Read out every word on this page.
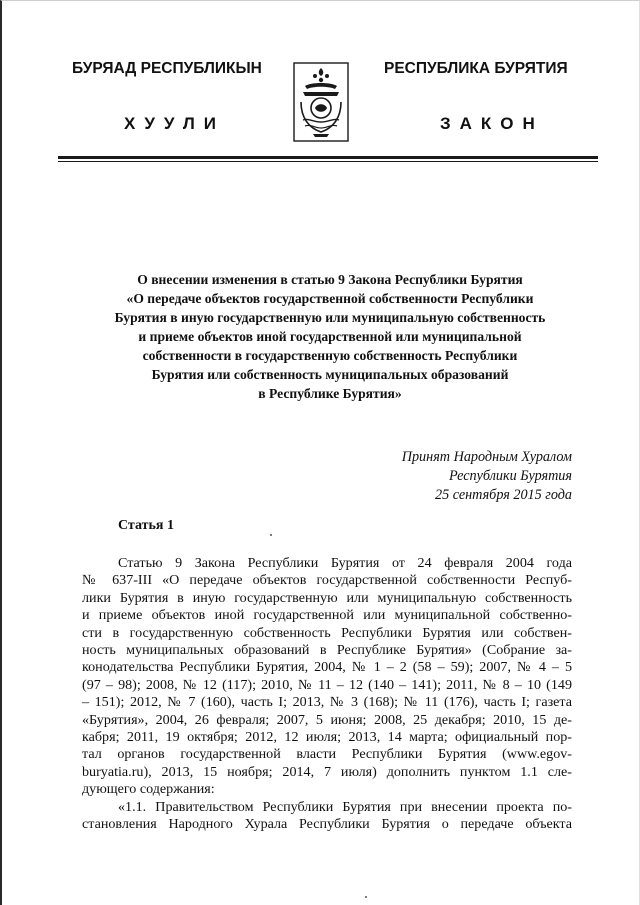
БУРЯАД РЕСПУБЛИКЫН	РЕСПУБЛИКА БУРЯТИЯ
ХУУЛИ	ЗАКОН
О внесении изменения в статью 9 Закона Республики Бурятия
«О передаче объектов государственной собственности Республики
Бурятия в иную государственную или муниципальную собственность
и приеме объектов иной государственной или муниципальной
собственности в государственную собственность Республики
Бурятия или собственность муниципальных образований
в Республике Бурятия»
Принят Народным Хуралом
Республики Бурятия
25 сентября 2015 года
Статья 1
Статью 9 Закона Республики Бурятия от 24 февраля 2004 года
№ 637-III «О передаче объектов государственной собственности Респуб-
лики Бурятия в иную государственную или муниципальную собственность
и приеме объектов иной государственной или муниципальной собственно-
сти в государственную собственность Республики Бурятия или собствен-
ность муниципальных образований в Республике Бурятия» (Собрание за-
конодательства Республики Бурятия, 2004, № 1 – 2 (58 – 59); 2007, № 4 – 5
(97 – 98); 2008, № 12 (117); 2010, № 11 – 12 (140 – 141); 2011, № 8 – 10 (149
– 151); 2012, № 7 (160), часть I; 2013, № 3 (168); № 11 (176), часть I; газета
«Бурятия», 2004, 26 февраля; 2007, 5 июня; 2008, 25 декабря; 2010, 15 де-
кабря; 2011, 19 октября; 2012, 12 июля; 2013, 14 марта; официальный пор-
тал органов государственной власти Республики Бурятия (www.egov-
buryatia.ru), 2013, 15 ноября; 2014, 7 июля) дополнить пунктом 1.1 сле-
дующего содержания:
«1.1. Правительством Республики Бурятия при внесении проекта по-
становления Народного Хурала Республики Бурятия о передаче объекта
